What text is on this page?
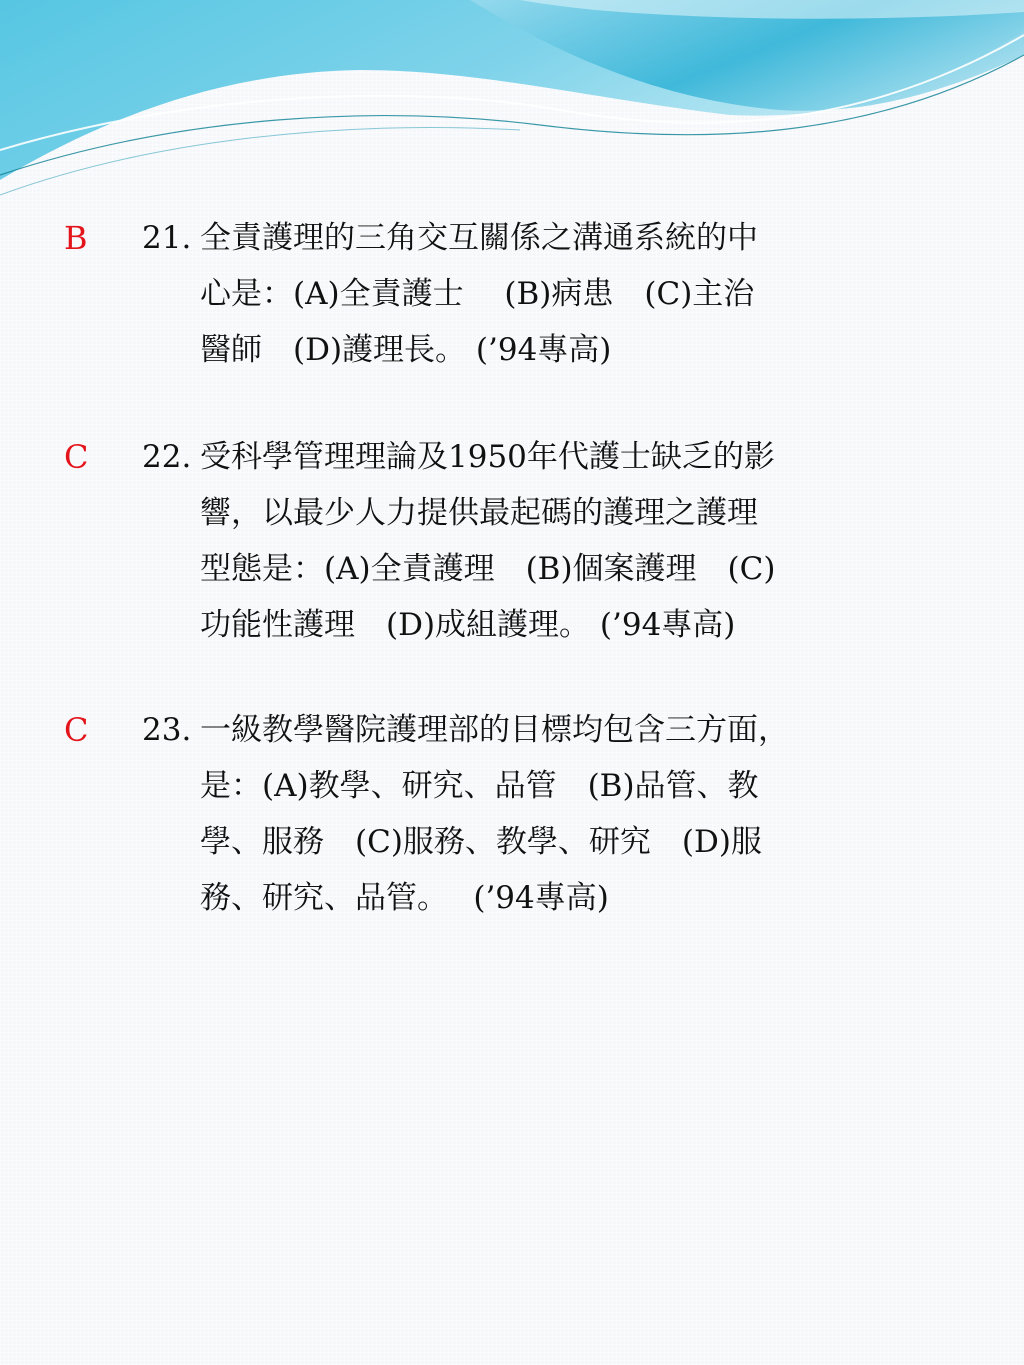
B 21. 全責護理的三角交互關係之溝通系統的中
心是：(A)全責護士　 (B)病患　(C)主治
醫師　(D)護理長。 (’94專高)
C 22. 受科學管理理論及1950年代護士缺乏的影
響，以最少人力提供最起碼的護理之護理
型態是：(A)全責護理　(B)個案護理　(C)
功能性護理　(D)成組護理。 (’94專高)
C 23. 一級教學醫院護理部的目標均包含三方面，
是：(A)教學、研究、品管　(B)品管、教
學、服務　(C)服務、教學、研究　(D)服
務、研究、品管。　 (’94專高)
